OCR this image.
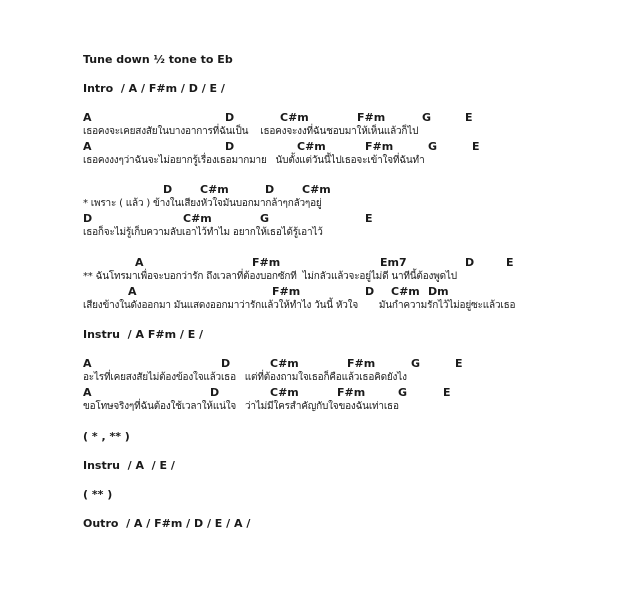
Tune down ½ tone to Eb
Intro  / A / F#m / D / E /
A	D	C#m	F#m	G	E
เธอคงจะเคยสงสัยในบางอาการที่ฉันเป็น    เธอคงจะงงที่ฉันชอบมาให้เห็นแล้วก็ไป
A	D	C#m	F#m	G	E
เธอคงงงๆว่าฉันจะไม่อยากรู้เรื่องเธอมากมาย   นับตั้งแต่วันนี้ไปเธอจะเข้าใจที่ฉันทำ
D	C#m	D	C#m
* เพราะ ( แล้ว ) ข้างในเสียงหัวใจมันบอกมากล้าๆกลัวๆอยู่
D	C#m	G	E
เธอก็จะไม่รู้เก็บความลับเอาไว้ทำไม อยากให้เธอได้รู้เอาไว้
A	F#m	Em7	D	E
** ฉันโทรมาเพื่อจะบอกว่ารัก ถึงเวลาที่ต้องบอกซักที  ไม่กลัวแล้วจะอยู่ไม่ดี นาทีนี้ต้องพูดไป
A	F#m	D C#m Dm
เสียงข้างในดังออกมา มันแสดงออกมาว่ารักแล้วให้ทำไง วันนี้ หัวใจ       มันกำความรักไว้ไม่อยู่ซะแล้วเธอ
Instru  / A F#m / E /
A	D	C#m	F#m	G	E
อะไรที่เคยสงสัยไม่ต้องข้องใจแล้วเธอ   แต่ที่ต้องถามใจเธอก็คือแล้วเธอคิดยังไง
A	D	C#m	F#m	G	E
ขอโทษจริงๆที่ฉันต้องใช้เวลาให้แน่ใจ   ว่าไม่มีใครสำคัญกับใจของฉันเท่าเธอ
( * , ** )
Instru  / A  / E /
( ** )
Outro  / A / F#m / D / E / A /
